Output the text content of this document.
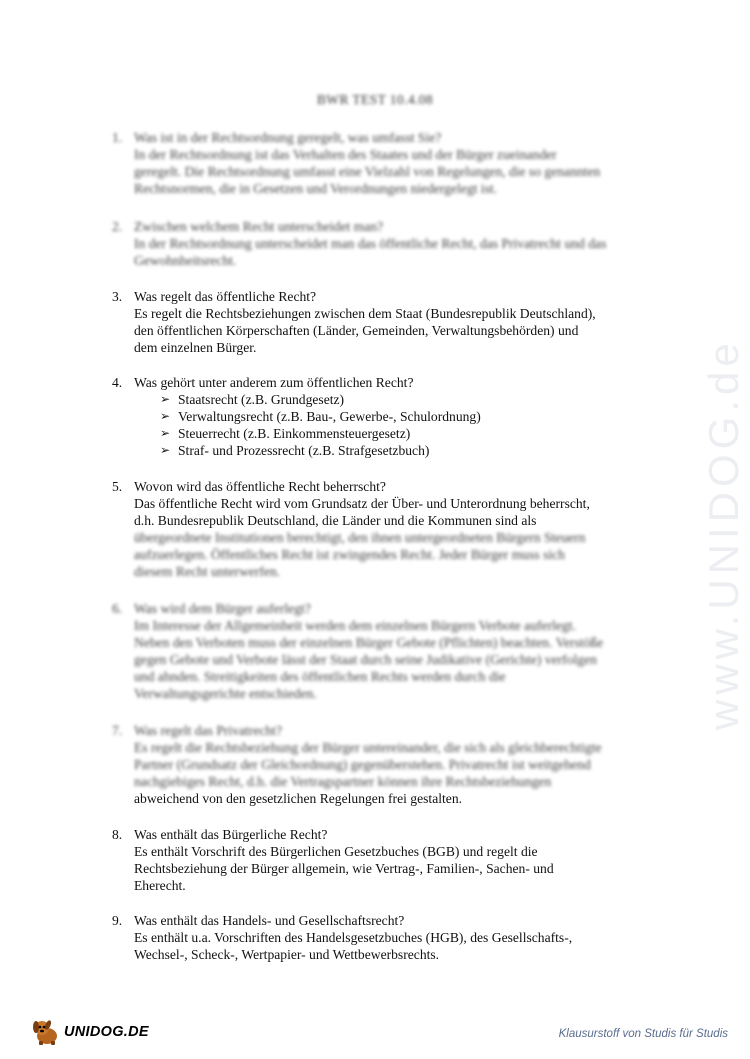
BWR TEST 10.4.08
1. Was ist in der Rechtsordnung geregelt, was umfasst Sie?
In der Rechtsordnung ist das Verhalten des Staates und der Bürger zueinander
geregelt. Die Rechtsordnung umfasst eine Vielzahl von Regelungen, die so genannten
Rechtsnormen, die in Gesetzen und Verordnungen niedergelegt ist.
2. Zwischen welchem Recht unterscheidet man?
In der Rechtsordnung unterscheidet man das öffentliche Recht, das Privatrecht und das
Gewohnheitsrecht.
3. Was regelt das öffentliche Recht?
Es regelt die Rechtsbeziehungen zwischen dem Staat (Bundesrepublik Deutschland),
den öffentlichen Körperschaften (Länder, Gemeinden, Verwaltungsbehörden) und
dem einzelnen Bürger.
4. Was gehört unter anderem zum öffentlichen Recht?
➢ Staatsrecht (z.B. Grundgesetz)
➢ Verwaltungsrecht (z.B. Bau-, Gewerbe-, Schulordnung)
➢ Steuerrecht (z.B. Einkommensteuergesetz)
➢ Straf- und Prozessrecht (z.B. Strafgesetzbuch)
5. Wovon wird das öffentliche Recht beherrscht?
Das öffentliche Recht wird vom Grundsatz der Über- und Unterordnung beherrscht,
d.h. Bundesrepublik Deutschland, die Länder und die Kommunen sind als
übergeordnete Institutionen berechtigt, den ihnen untergeordneten Bürgern Steuern
aufzuerlegen. Öffentliches Recht ist zwingendes Recht. Jeder Bürger muss sich
diesem Recht unterwerfen.
6. Was wird dem Bürger auferlegt?
Im Interesse der Allgemeinheit werden dem einzelnen Bürgern Verbote auferlegt.
Neben den Verboten muss der einzelnen Bürger Gebote (Pflichten) beachten. Verstöße
gegen Gebote und Verbote lässt der Staat durch seine Judikative (Gerichte) verfolgen
und ahnden. Streitigkeiten des öffentlichen Rechts werden durch die
Verwaltungsgerichte entschieden.
7. Was regelt das Privatrecht?
Es regelt die Rechtsbeziehung der Bürger untereinander, die sich als gleichberechtigte
Partner (Grundsatz der Gleichordnung) gegenüberstehen. Privatrecht ist weitgehend
nachgiebiges Recht, d.h. die Vertragspartner können ihre Rechtsbeziehungen
abweichend von den gesetzlichen Regelungen frei gestalten.
8. Was enthält das Bürgerliche Recht?
Es enthält Vorschrift des Bürgerlichen Gesetzbuches (BGB) und regelt die
Rechtsbeziehung der Bürger allgemein, wie Vertrag-, Familien-, Sachen- und
Eherecht.
9. Was enthält das Handels- und Gesellschaftsrecht?
Es enthält u.a. Vorschriften des Handelsgesetzbuches (HGB), des Gesellschafts-,
Wechsel-, Scheck-, Wertpapier- und Wettbewerbsrechts.
www.UNIDOG.de
UNIDOG.DE	Klausurstoff von Studis für Studis
